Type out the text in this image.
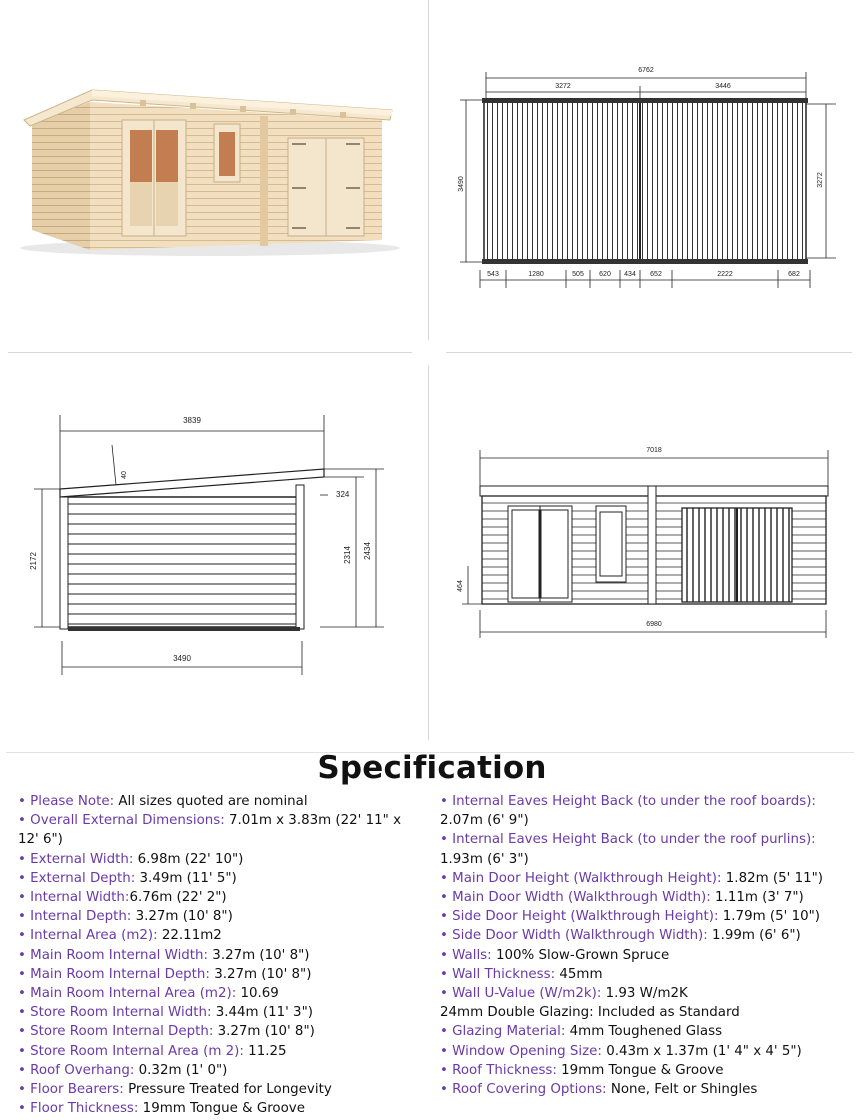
6762
3272	3446
3490	3272
543	1280	505 620 434 652	2222	682
3839
40
324
2172	2314 2434
3490
7018
464
6980
Specification
• Please Note: All sizes quoted are nominal
• Overall External Dimensions: 7.01m x 3.83m (22' 11" x 12' 6")
• External Width: 6.98m (22' 10")
• External Depth: 3.49m (11' 5")
• Internal Width:6.76m (22' 2")
• Internal Depth: 3.27m (10' 8")
• Internal Area (m2): 22.11m2
• Main Room Internal Width: 3.27m (10' 8")
• Main Room Internal Depth: 3.27m (10' 8")
• Main Room Internal Area (m2): 10.69
• Store Room Internal Width: 3.44m (11' 3")
• Store Room Internal Depth: 3.27m (10' 8")
• Store Room Internal Area (m 2): 11.25
• Roof Overhang: 0.32m (1' 0")
• Floor Bearers: Pressure Treated for Longevity
• Floor Thickness: 19mm Tongue & Groove
• Internal Eaves Height Back (to under the roof boards): 2.07m (6' 9")
• Internal Eaves Height Back (to under the roof purlins): 1.93m (6' 3")
• Main Door Height (Walkthrough Height): 1.82m (5' 11")
• Main Door Width (Walkthrough Width): 1.11m (3' 7")
• Side Door Height (Walkthrough Height): 1.79m (5' 10")
• Side Door Width (Walkthrough Width): 1.99m (6' 6")
• Walls: 100% Slow-Grown Spruce
• Wall Thickness: 45mm
• Wall U-Value (W/m2k): 1.93 W/m2K
24mm Double Glazing: Included as Standard
• Glazing Material: 4mm Toughened Glass
• Window Opening Size: 0.43m x 1.37m (1' 4" x 4' 5")
• Roof Thickness: 19mm Tongue & Groove
• Roof Covering Options: None, Felt or Shingles
